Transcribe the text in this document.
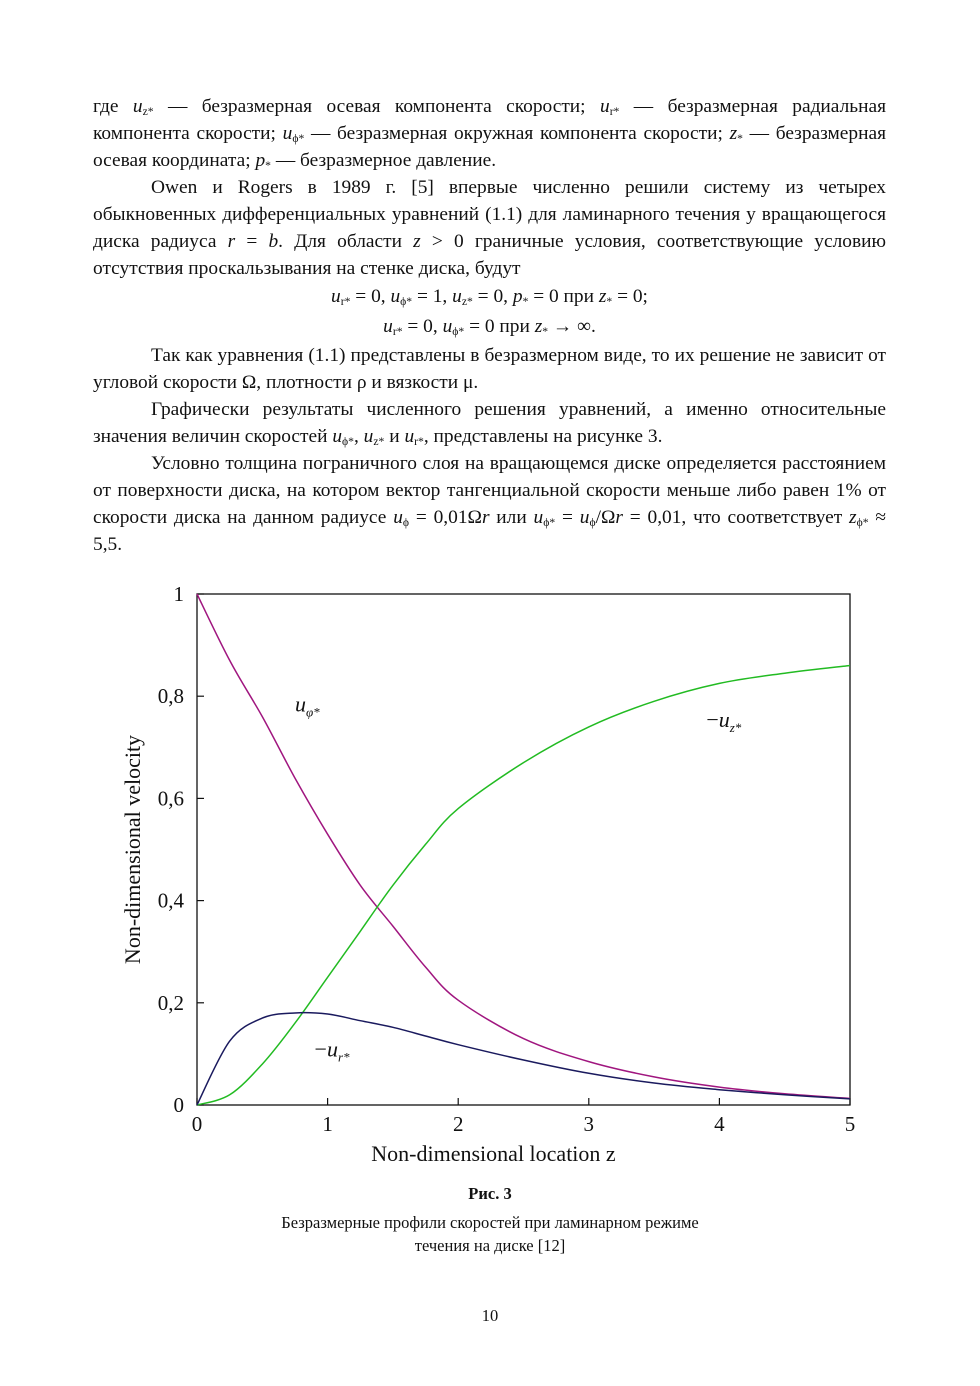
где $u_{z*}$ — безразмерная осевая компонента скорости; $u_{r*}$ — безразмерная радиальная компонента скорости; $u_{\phi*}$ — безразмерная окружная компонента скорости; $z_*$ — безразмерная осевая координата; $p_*$ — безразмерное давление.

Owen и Rogers в 1989 г. [5] впервые численно решили систему из четырех обыкновенных дифференциальных уравнений (1.1) для ламинарного течения у вращающегося диска радиуса r = b. Для области z > 0 граничные условия, соответствующие условию отсутствия проскальзывания на стенке диска, будут

$u_{r*} = 0$, $u_{\phi*} = 1$, $u_{z*} = 0$, $p_* = 0$ при $z_* = 0$;

$u_{r*} = 0$, $u_{\phi*} = 0$ при $z_*$ → ∞.

Так как уравнения (1.1) представлены в безразмерном виде, то их решение не зависит от угловой скорости Ω, плотности ρ и вязкости μ.

Графически результаты численного решения уравнений, а именно относительные значения величин скоростей $u_{\phi*}$, $u_{z*}$ и $u_{r*}$, представлены на рисунке 3.

Условно толщина пограничного слоя на вращающемся диске определяется расстоянием от поверхности диска, на котором вектор тангенциальной скорости меньше либо равен 1% от скорости диска на данном радиусе $u_\phi = 0,01\Omega r$ или $u_{\phi*} = u_\phi/\Omega r = 0,01$, что соответствует $z_{\phi*} \approx 5,5$.

0	1	2	3	4	5
0
0,2
0,4
0,6
0,8
1
Non-dimensional location z
Non-dimensional velocity
$u_{\varphi*}$	$-u_{z*}$
$-u_{r*}$
Рис. 3
Безразмерные профили скоростей при ламинарном режиме
течения на диске [12]
10
